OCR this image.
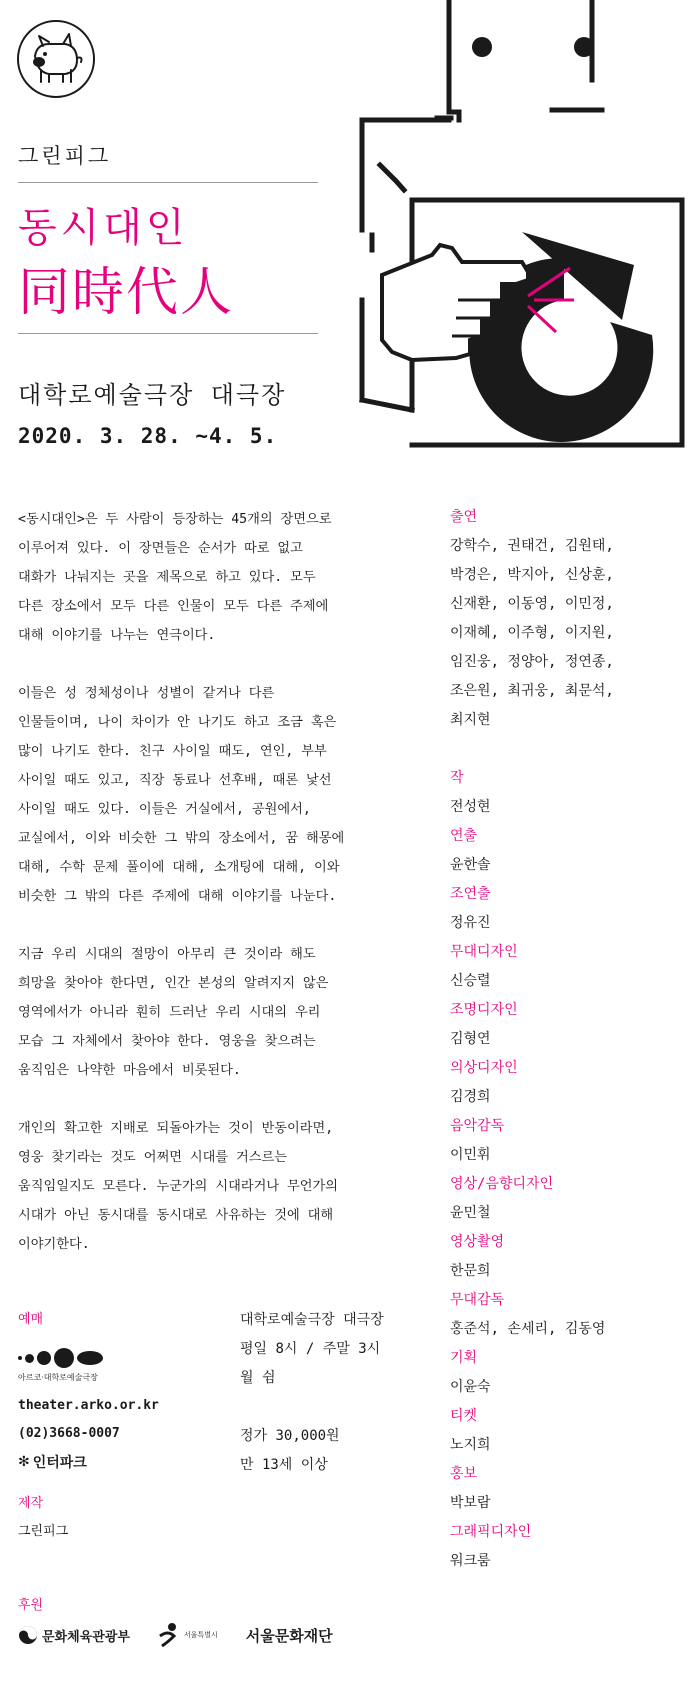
그린피그
동시대인
同時代人
대학로예술극장 대극장
2020. 3. 28. ~4. 5.
<동시대인>은 두 사람이 등장하는 45개의 장면으로
이루어져 있다. 이 장면들은 순서가 따로 없고
대화가 나눠지는 곳을 제목으로 하고 있다. 모두
다른 장소에서 모두 다른 인물이 모두 다른 주제에
대해 이야기를 나누는 연극이다.
이들은 성 정체성이나 성별이 같거나 다른
인물들이며, 나이 차이가 안 나기도 하고 조금 혹은
많이 나기도 한다. 친구 사이일 때도, 연인, 부부
사이일 때도 있고, 직장 동료나 선후배, 때론 낯선
사이일 때도 있다. 이들은 거실에서, 공원에서,
교실에서, 이와 비슷한 그 밖의 장소에서, 꿈 해몽에
대해, 수학 문제 풀이에 대해, 소개팅에 대해, 이와
비슷한 그 밖의 다른 주제에 대해 이야기를 나눈다.
지금 우리 시대의 절망이 아무리 큰 것이라 해도
희망을 찾아야 한다면, 인간 본성의 알려지지 않은
영역에서가 아니라 훤히 드러난 우리 시대의 우리
모습 그 자체에서 찾아야 한다. 영웅을 찾으려는
움직임은 나약한 마음에서 비롯된다.
개인의 확고한 지배로 되돌아가는 것이 반동이라면,
영웅 찾기라는 것도 어쩌면 시대를 거스르는
움직임일지도 모른다. 누군가의 시대라거나 무언가의
시대가 아닌 동시대를 동시대로 사유하는 것에 대해
이야기한다.
출연
강학수, 권태건, 김원태,
박경은, 박지아, 신상훈,
신재환, 이동영, 이민정,
이재혜, 이주형, 이지원,
임진웅, 정양아, 정연종,
조은원, 최귀웅, 최문석,
최지현
작
전성현
연출
윤한솔
조연출
정유진
무대디자인
신승렬
조명디자인
김형연
의상디자인
김경희
음악감독
이민휘
영상/음향디자인
윤민철
영상촬영
한문희
무대감독
홍준석, 손세리, 김동영
기획
이윤숙
티켓
노지희
홍보
박보람
그래픽디자인
워크룸
예매
아르코·대학로예술극장
theater.arko.or.kr
(02)3668-0007
✻ 인터파크
제작
그린피그
대학로예술극장 대극장
평일 8시 / 주말 3시
월 쉼
정가 30,000원
만 13세 이상
후원
문화체육관광부	서울특별시 서울문화재단
